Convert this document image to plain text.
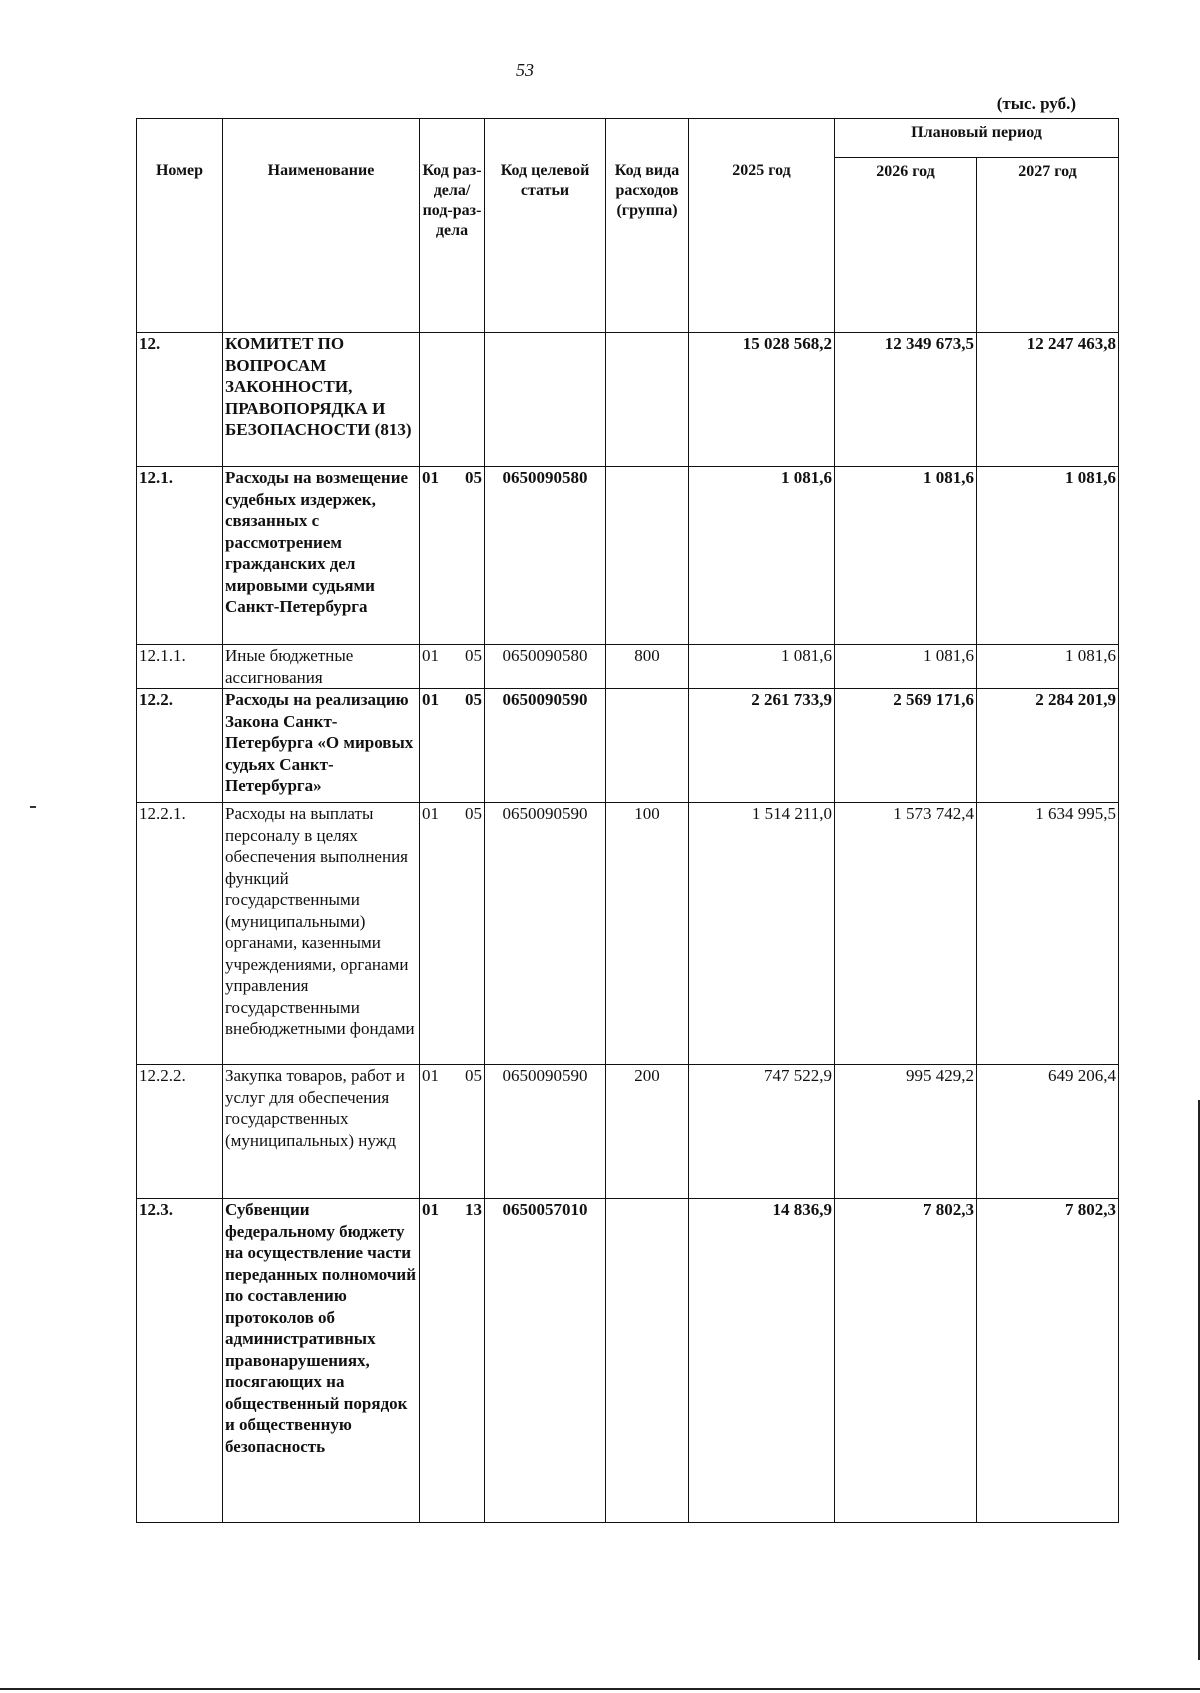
53
(тыс. руб.)
Номер	Наименование	Код раз-дела/ под-раз-дела	Код целевой статьи	Код вида расходов (группа)	2025 год	Плановый период	
						2026 год	2027 год
12.	КОМИТЕТ ПО ВОПРОСАМ ЗАКОННОСТИ, ПРАВОПОРЯДКА И БЕЗОПАСНОСТИ (813)				15 028 568,2	12 349 673,5	12 247 463,8
12.1.	Расходы на возмещение судебных издержек, связанных с рассмотрением гражданских дел мировыми судьями Санкт-Петербурга	01 05	0650090580		1 081,6	1 081,6	1 081,6
12.1.1.	Иные бюджетные ассигнования	01 05	0650090580	800	1 081,6	1 081,6	1 081,6
12.2.	Расходы на реализацию Закона Санкт-Петербурга «О мировых судьях Санкт-Петербурга»	01 05	0650090590		2 261 733,9	2 569 171,6	2 284 201,9
12.2.1.	Расходы на выплаты персоналу в целях обеспечения выполнения функций государственными (муниципальными) органами, казенными учреждениями, органами управления государственными внебюджетными фондами	01 05	0650090590	100	1 514 211,0	1 573 742,4	1 634 995,5
12.2.2.	Закупка товаров, работ и услуг для обеспечения государственных (муниципальных) нужд	01 05	0650090590	200	747 522,9	995 429,2	649 206,4
12.3.	Субвенции федеральному бюджету на осуществление части переданных полномочий по составлению протоколов об административных правонарушениях, посягающих на общественный порядок и общественную безопасность	01 13	0650057010		14 836,9	7 802,3	7 802,3
